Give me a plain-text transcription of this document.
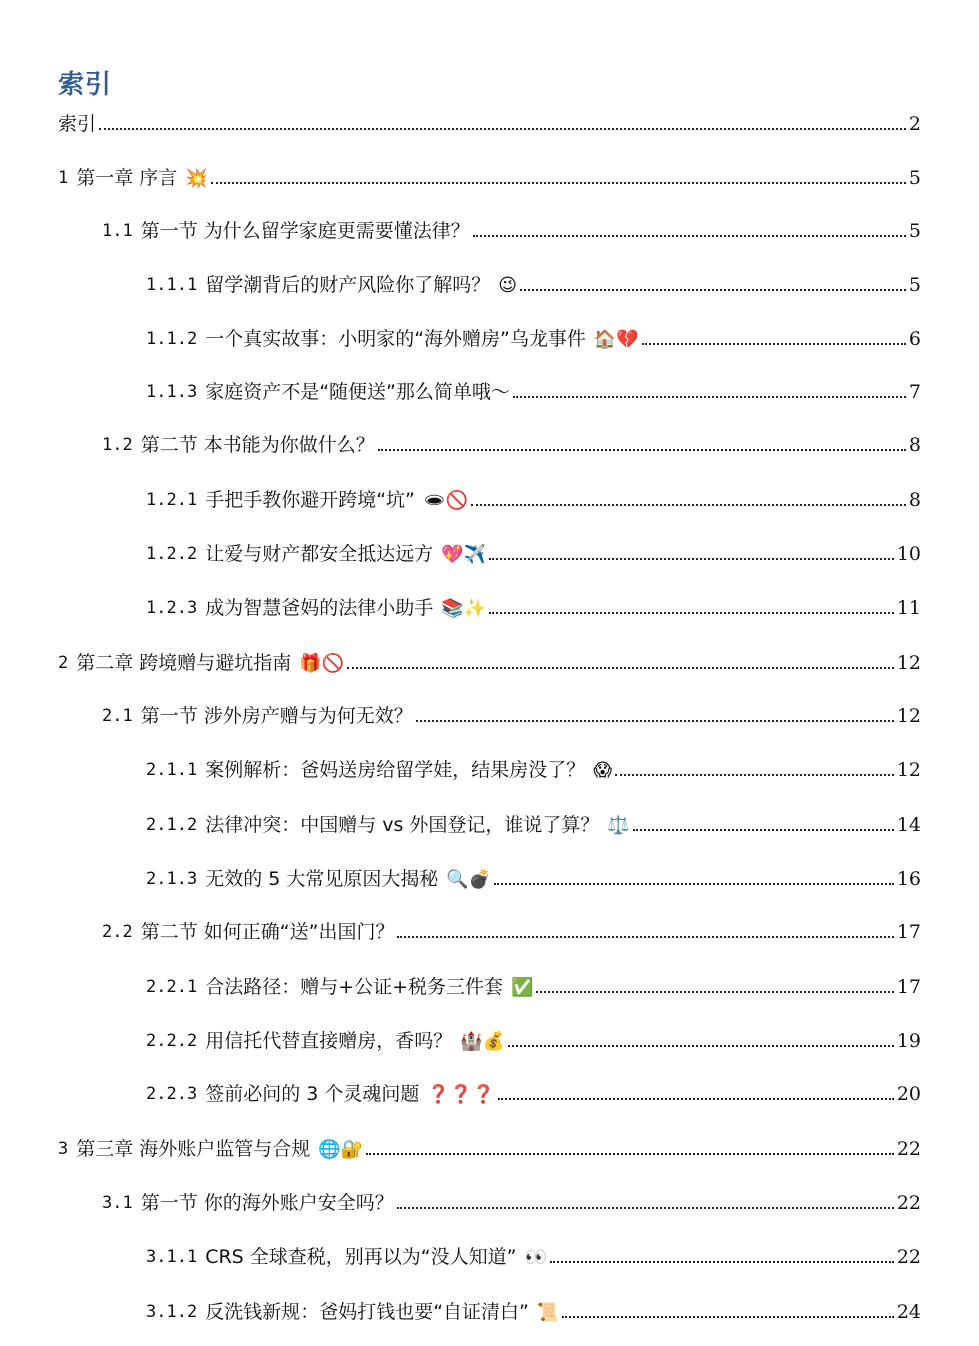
索引
索引	2
1 第一章 序言 💥	5
1.1 第一节 为什么留学家庭更需要懂法律？	5
1.1.1 留学潮背后的财产风险你了解吗？ 😉	5
1.1.2 一个真实故事：小明家的“海外赠房”乌龙事件 🏠💔	6
1.1.3 家庭资产不是“随便送”那么简单哦～	7
1.2 第二节 本书能为你做什么？	8
1.2.1 手把手教你避开跨境“坑” 🕳🚫	8
1.2.2 让爱与财产都安全抵达远方 💖✈️	10
1.2.3 成为智慧爸妈的法律小助手 📚✨	11
2 第二章 跨境赠与避坑指南 🎁🚫	12
2.1 第一节 涉外房产赠与为何无效？	12
2.1.1 案例解析：爸妈送房给留学娃，结果房没了？ 😱	12
2.1.2 法律冲突：中国赠与 vs 外国登记，谁说了算？ ⚖️	14
2.1.3 无效的 5 大常见原因大揭秘 🔍💣	16
2.2 第二节 如何正确“送”出国门？	17
2.2.1 合法路径：赠与+公证+税务三件套 ✅	17
2.2.2 用信托代替直接赠房，香吗？ 🏰💰	19
2.2.3 签前必问的 3 个灵魂问题 ❓❓❓	20
3 第三章 海外账户监管与合规 🌐🔐	22
3.1 第一节 你的海外账户安全吗？	22
3.1.1 CRS 全球查税，别再以为“没人知道” 👀	22
3.1.2 反洗钱新规：爸妈打钱也要“自证清白” 📜	24
